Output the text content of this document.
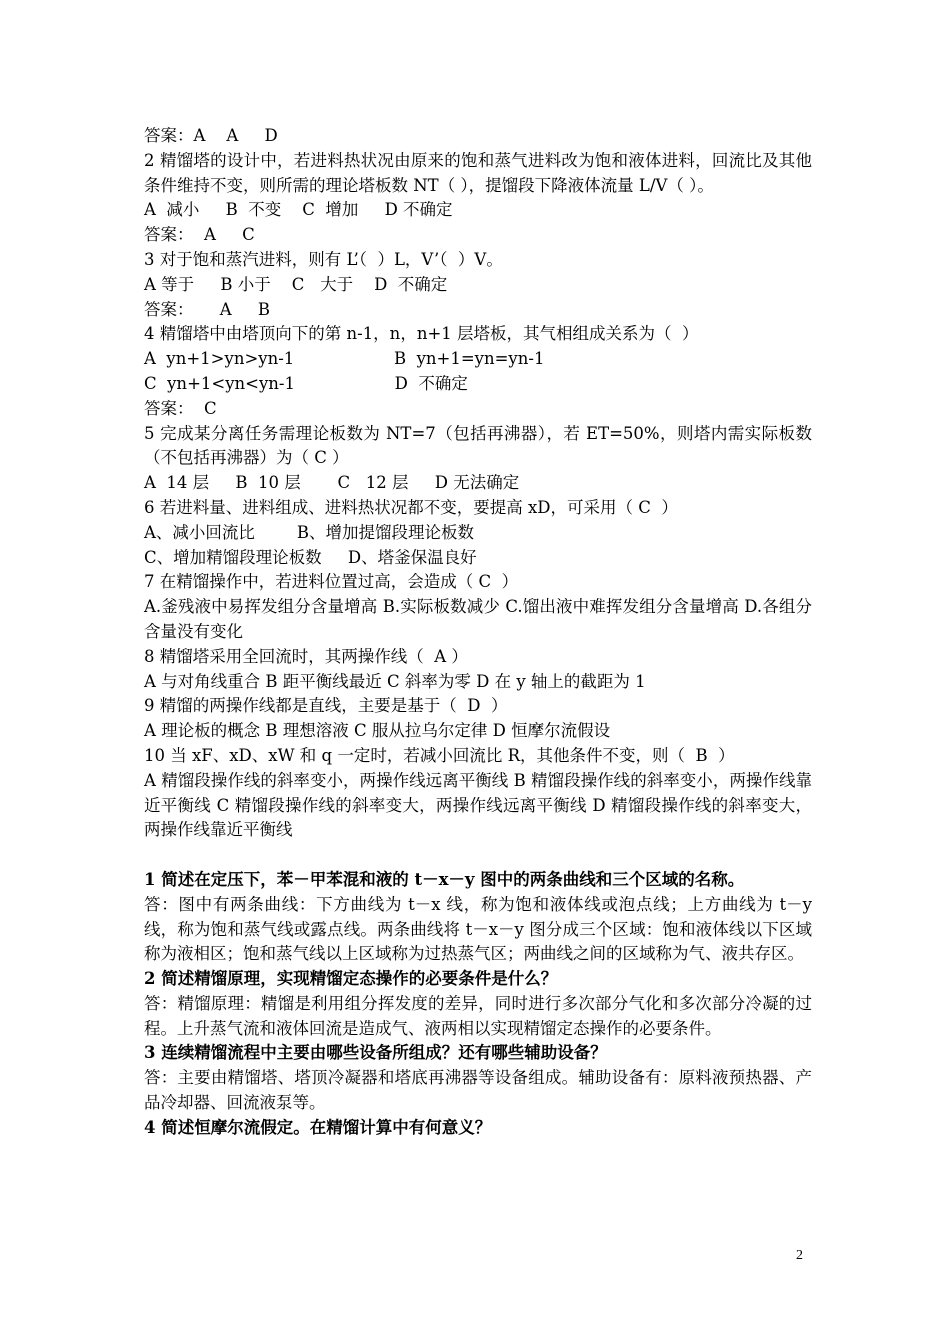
答案：A    A     D
2 精馏塔的设计中，若进料热状况由原来的饱和蒸气进料改为饱和液体进料，回流比及其他条件维持不变，则所需的理论塔板数 NT（ ），提馏段下降液体流量 L/V（ ）。
A  减小     B  不变    C  增加     D 不确定
答案：  A     C
3 对于饱和蒸汽进料，则有 L’（  ）L，V’（  ）V。
A 等于     B 小于    C   大于    D  不确定
答案：     A     B
4 精馏塔中由塔顶向下的第 n-1，n，n+1 层塔板，其气相组成关系为（  ）
A  yn+1>yn>yn-1                   B  yn+1=yn=yn-1
C  yn+1<yn<yn-1                   D  不确定
答案：  C
5 完成某分离任务需理论板数为 NT=7（包括再沸器），若 ET=50%，则塔内需实际板数（不包括再沸器）为（ C ）
A  14 层     B  10 层       C   12 层     D 无法确定
6 若进料量、进料组成、进料热状况都不变，要提高 xD，可采用（ C  ）
A、减小回流比        B、增加提馏段理论板数
C、增加精馏段理论板数     D、塔釜保温良好
7 在精馏操作中，若进料位置过高，会造成（ C  ）
A.釜残液中易挥发组分含量增高 B.实际板数减少 C.馏出液中难挥发组分含量增高 D.各组分含量没有变化
8 精馏塔采用全回流时，其两操作线（  A ）
A 与对角线重合 B 距平衡线最近 C 斜率为零 D 在 y 轴上的截距为 1
9 精馏的两操作线都是直线，主要是基于（  D  ）
A 理论板的概念 B 理想溶液 C 服从拉乌尔定律 D 恒摩尔流假设
10 当 xF、xD、xW 和 q 一定时，若减小回流比 R，其他条件不变，则（  B  ）
A 精馏段操作线的斜率变小，两操作线远离平衡线 B 精馏段操作线的斜率变小，两操作线靠近平衡线 C 精馏段操作线的斜率变大，两操作线远离平衡线 D 精馏段操作线的斜率变大，两操作线靠近平衡线
1 简述在定压下，苯－甲苯混和液的 t－x－y 图中的两条曲线和三个区域的名称。
答：图中有两条曲线：下方曲线为 t－x 线，称为饱和液体线或泡点线；上方曲线为 t－y 线，称为饱和蒸气线或露点线。两条曲线将 t－x－y 图分成三个区域：饱和液体线以下区域称为液相区；饱和蒸气线以上区域称为过热蒸气区；两曲线之间的区域称为气、液共存区。
2 简述精馏原理，实现精馏定态操作的必要条件是什么？
答：精馏原理：精馏是利用组分挥发度的差异，同时进行多次部分气化和多次部分冷凝的过程。上升蒸气流和液体回流是造成气、液两相以实现精馏定态操作的必要条件。
3 连续精馏流程中主要由哪些设备所组成？还有哪些辅助设备？
答：主要由精馏塔、塔顶冷凝器和塔底再沸器等设备组成。辅助设备有：原料液预热器、产品冷却器、回流液泵等。
4 简述恒摩尔流假定。在精馏计算中有何意义？
2
